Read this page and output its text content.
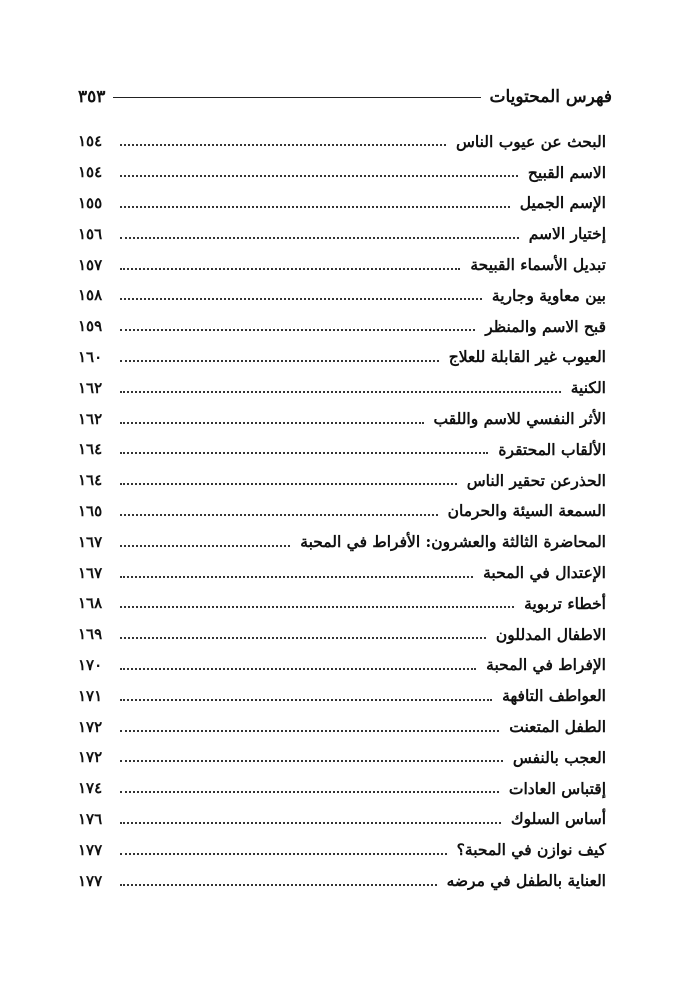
فهرس المحتويات
٣٥٣
البحث عن عيوب الناس
١٥٤
الاسم القبيح
١٥٤
الإسم الجميل
١٥٥
إختيار الاسم
١٥٦
تبديل الأسماء القبيحة
١٥٧
بين معاوية وجارية
١٥٨
قبح الاسم والمنظر
١٥٩
العيوب غير القابلة للعلاج
١٦٠
الكنية
١٦٢
الأثر النفسي للاسم واللقب
١٦٢
الألقاب المحتقرة
١٦٤
الحذرعن تحقير الناس
١٦٤
السمعة السيئة والحرمان
١٦٥
المحاضرة الثالثة والعشرون: الأفراط في المحبة
١٦٧
الإعتدال في المحبة
١٦٧
أخطاء تربوية
١٦٨
الاطفال المدللون
١٦٩
الإفراط في المحبة
١٧٠
العواطف التافهة
١٧١
الطفل المتعنت
١٧٢
العجب بالنفس
١٧٢
إقتباس العادات
١٧٤
أساس السلوك
١٧٦
كيف نوازن في المحبة؟
١٧٧
العناية بالطفل في مرضه
١٧٧
